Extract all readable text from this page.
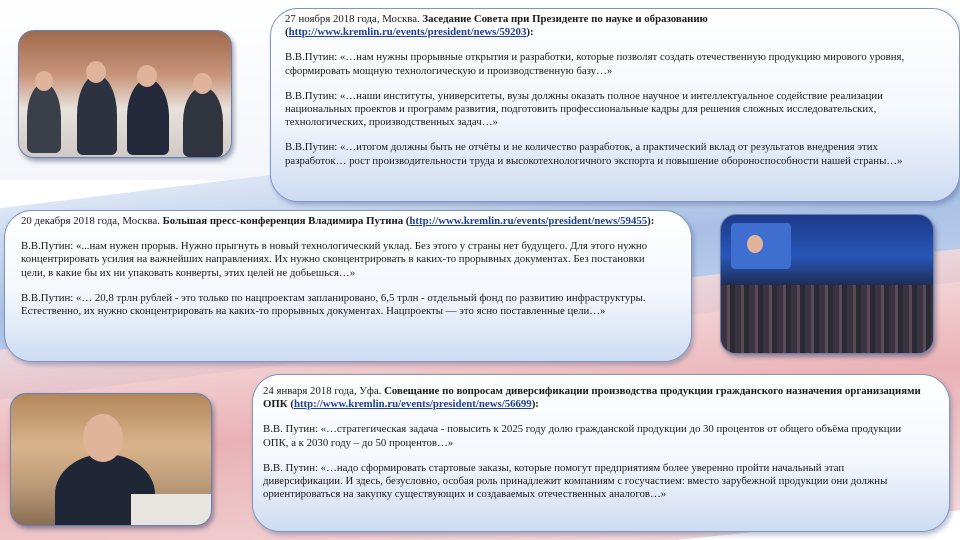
27 ноября 2018 года, Москва. Заседание Совета при Президенте по науке и образованию (http://www.kremlin.ru/events/president/news/59203):

В.В.Путин: «…нам нужны прорывные открытия и разработки, которые позволят создать отечественную продукцию мирового уровня, сформировать мощную технологическую и производственную базу…»

В.В.Путин: «…наши институты, университеты, вузы должны оказать полное научное и интеллектуальное содействие реализации национальных проектов и программ развития, подготовить профессиональные кадры для решения сложных исследовательских, технологических, производственных задач…»

В.В.Путин: «…итогом должны быть не отчёты и не количество разработок, а практический вклад от результатов внедрения этих разработок… рост производительности труда и высокотехнологичного экспорта и повышение обороноспособности нашей страны…»

20 декабря 2018 года, Москва. Большая пресс-конференция Владимира Путина (http://www.kremlin.ru/events/president/news/59455):

В.В.Путин: «...нам нужен прорыв. Нужно прыгнуть в новый технологический уклад. Без этого у страны нет будущего. Для этого нужно концентрировать усилия на важнейших направлениях. Их нужно сконцентрировать в каких-то прорывных документах. Без постановки цели, в какие бы их ни упаковать конверты, этих целей не добьешься…»

В.В.Путин: «… 20,8 трлн рублей - это только по нацпроектам запланировано, 6,5 трлн - отдельный фонд по развитию инфраструктуры. Естественно, их нужно сконцентрировать на каких-то прорывных документах. Нацпроекты — это ясно поставленные цели…»

24 января 2018 года, Уфа. Совещание по вопросам диверсификации производства продукции гражданского назначения организациями ОПК (http://www.kremlin.ru/events/president/news/56699):

В.В. Путин: «…стратегическая задача - повысить к 2025 году долю гражданской продукции до 30 процентов от общего объёма продукции ОПК, а к 2030 году – до 50 процентов…»

В.В. Путин: «…надо сформировать стартовые заказы, которые помогут предприятиям более уверенно пройти начальный этап диверсификации. И здесь, безусловно, особая роль принадлежит компаниям с госучастием: вместо зарубежной продукции они должны ориентироваться на закупку существующих и создаваемых отечественных аналогов…»
